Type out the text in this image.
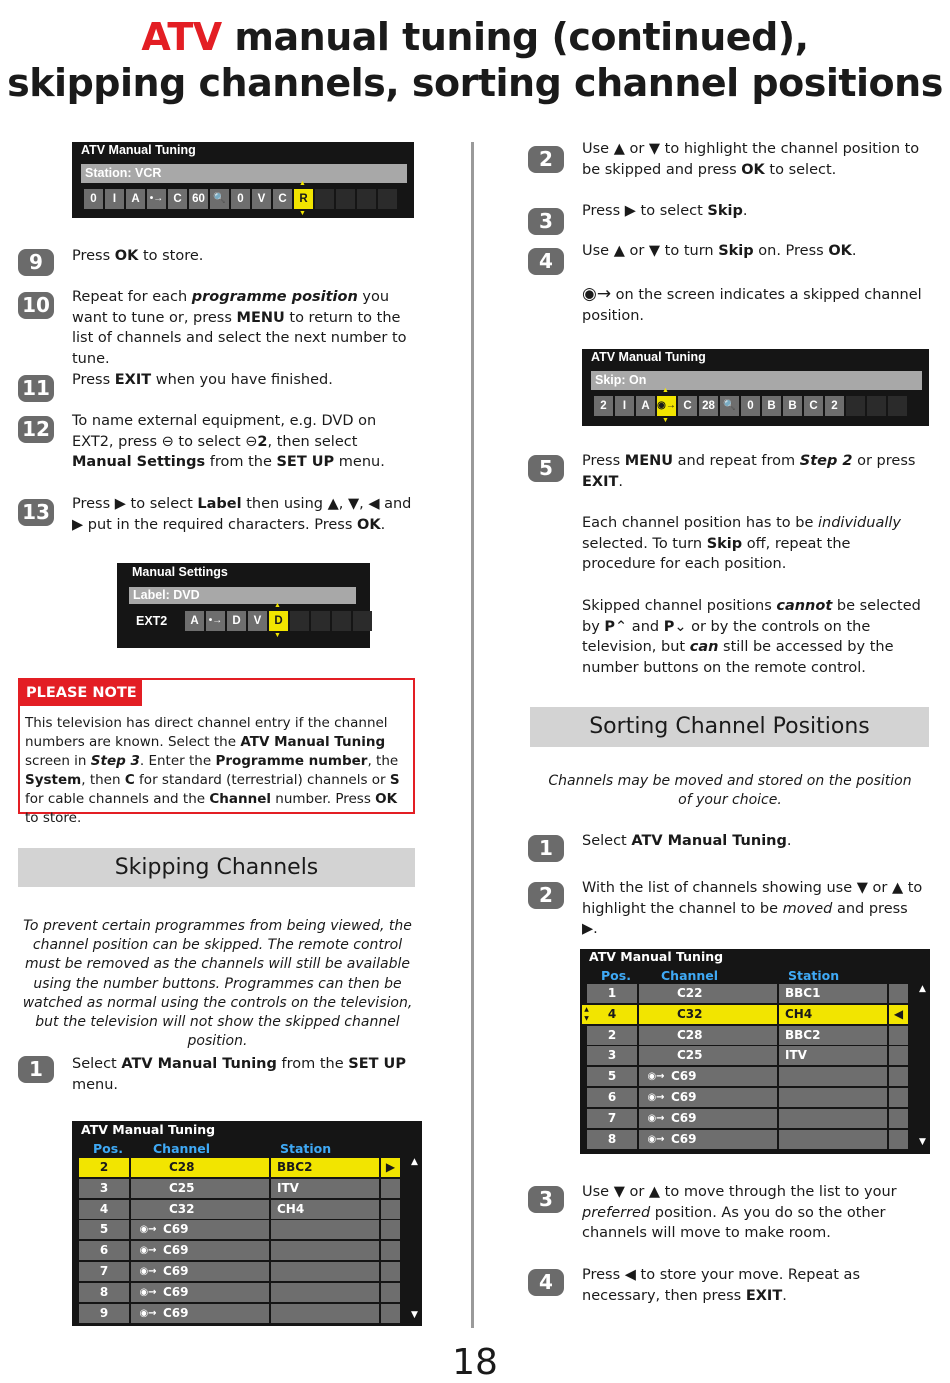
ATV manual tuning (continued),
skipping channels, sorting channel positions
ATV Manual Tuning
Station: VCR
0	I	A	•→ C 60 🔍	0	V	C	▲ R ▼
9	Press OK to store.
10 Repeat for each programme position you want to tune or, press MENU to return to the list of channels and select the next number to tune.
11 Press EXIT when you have finished.
12 To name external equipment, e.g. DVD on EXT2, press ⊖ to select ⊖2, then select Manual Settings from the SET UP menu.
13 Press ▶ to select Label then using ▲, ▼, ◀ and ▶ put in the required characters. Press OK.
Manual Settings
Label: DVD
EXT2	A	•→ D	V	▲ D ▼
PLEASE NOTE
This television has direct channel entry if the channel numbers are known. Select the ATV Manual Tuning screen in Step 3. Enter the Programme number, the System, then C for standard (terrestrial) channels or S for cable channels and the Channel number. Press OK to store.
Skipping Channels
To prevent certain programmes from being viewed, the channel position can be skipped. The remote control must be removed as the channels will still be available using the number buttons. Programmes can then be watched as normal using the controls on the television, but the television will not show the skipped channel position.
1	Select ATV Manual Tuning from the SET UP menu.
ATV Manual Tuning
Pos. Channel	Station
2	C28	BBC2	▶
3	C25	ITV
4	C32	CH4
5	◉→ C69
6	◉→ C69
7	◉→ C69
8	◉→ C69
9	◉→ C69
▲
▼
2	Use ▲ or ▼ to highlight the channel position to be skipped and press OK to select.
3	Press ▶ to select Skip.
4	Use ▲ or ▼ to turn Skip on. Press OK.
◉→ on the screen indicates a skipped channel position.
ATV Manual Tuning
Skip: On
2	I	A ▲ ◉→ ▼ C 28 🔍	0	B	B	C	2
5	Press MENU and repeat from Step 2 or press EXIT.
Each channel position has to be individually selected. To turn Skip off, repeat the procedure for each position.
Skipped channel positions cannot be selected by P⌃ and P⌄ or by the controls on the television, but can still be accessed by the number buttons on the remote control.
Sorting Channel Positions
Channels may be moved and stored on the position of your choice.
1	Select ATV Manual Tuning.
2	With the list of channels showing use ▼ or ▲ to highlight the channel to be moved and press ▶.
3	Use ▼ or ▲ to move through the list to your preferred position. As you do so the other channels will move to make room.
4	Press ◀ to store your move. Repeat as necessary, then press EXIT.
ATV Manual Tuning
Pos. Channel	Station
1	C22	BBC1
4	C32	CH4	◀
2	C28	BBC2
3	C25	ITV
5	◉→ C69
6	◉→ C69
7	◉→ C69
8	◉→ C69
▲
▼
▲
▼
18
